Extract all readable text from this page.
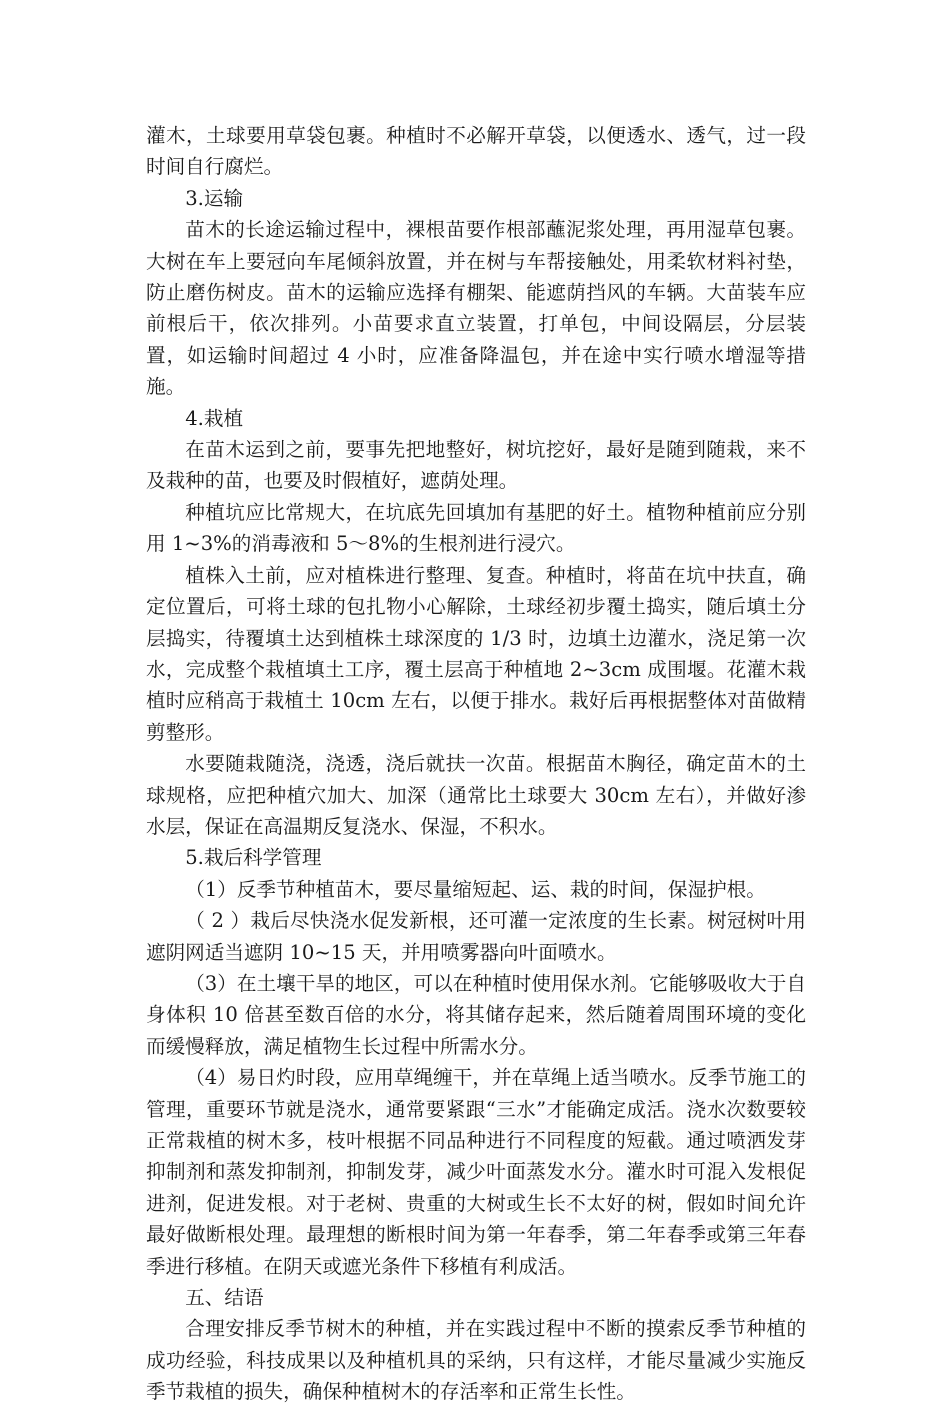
灌木，土球要用草袋包裹。种植时不必解开草袋，以便透水、透气，过一段时间自行腐烂。

3.运输

苗木的长途运输过程中，裸根苗要作根部蘸泥浆处理，再用湿草包裹。大树在车上要冠向车尾倾斜放置，并在树与车帮接触处，用柔软材料衬垫，防止磨伤树皮。苗木的运输应选择有棚架、能遮荫挡风的车辆。大苗装车应前根后干，依次排列。小苗要求直立装置，打单包，中间设隔层，分层装置，如运输时间超过 4 小时，应准备降温包，并在途中实行喷水增湿等措施。

4.栽植

在苗木运到之前，要事先把地整好，树坑挖好，最好是随到随栽，来不及栽种的苗，也要及时假植好，遮荫处理。

种植坑应比常规大，在坑底先回填加有基肥的好土。植物种植前应分别用 1~3%的消毒液和 5～8%的生根剂进行浸穴。

植株入土前，应对植株进行整理、复查。种植时，将苗在坑中扶直，确定位置后，可将土球的包扎物小心解除，土球经初步覆土捣实，随后填土分层捣实，待覆填土达到植株土球深度的 1/3 时，边填土边灌水，浇足第一次水，完成整个栽植填土工序，覆土层高于种植地 2~3cm 成围堰。花灌木栽植时应稍高于栽植土 10cm 左右，以便于排水。栽好后再根据整体对苗做精剪整形。

水要随栽随浇，浇透，浇后就扶一次苗。根据苗木胸径，确定苗木的土球规格，应把种植穴加大、加深（通常比土球要大 30cm 左右），并做好渗水层，保证在高温期反复浇水、保湿，不积水。

5.栽后科学管理

（1）反季节种植苗木，要尽量缩短起、运、栽的时间，保湿护根。

（ 2 ）栽后尽快浇水促发新根，还可灌一定浓度的生长素。树冠树叶用遮阴网适当遮阴 10~15 天，并用喷雾器向叶面喷水。

（3）在土壤干旱的地区，可以在种植时使用保水剂。它能够吸收大于自身体积 10 倍甚至数百倍的水分，将其储存起来，然后随着周围环境的变化而缓慢释放，满足植物生长过程中所需水分。

（4）易日灼时段，应用草绳缠干，并在草绳上适当喷水。反季节施工的管理，重要环节就是浇水，通常要紧跟“三水”才能确定成活。浇水次数要较正常栽植的树木多，枝叶根据不同品种进行不同程度的短截。通过喷洒发芽抑制剂和蒸发抑制剂，抑制发芽，减少叶面蒸发水分。灌水时可混入发根促进剂，促进发根。对于老树、贵重的大树或生长不太好的树，假如时间允许最好做断根处理。最理想的断根时间为第一年春季，第二年春季或第三年春季进行移植。在阴天或遮光条件下移植有利成活。

五、结语

合理安排反季节树木的种植，并在实践过程中不断的摸索反季节种植的成功经验，科技成果以及种植机具的采纳，只有这样，才能尽量减少实施反季节栽植的损失，确保种植树木的存活率和正常生长性。
